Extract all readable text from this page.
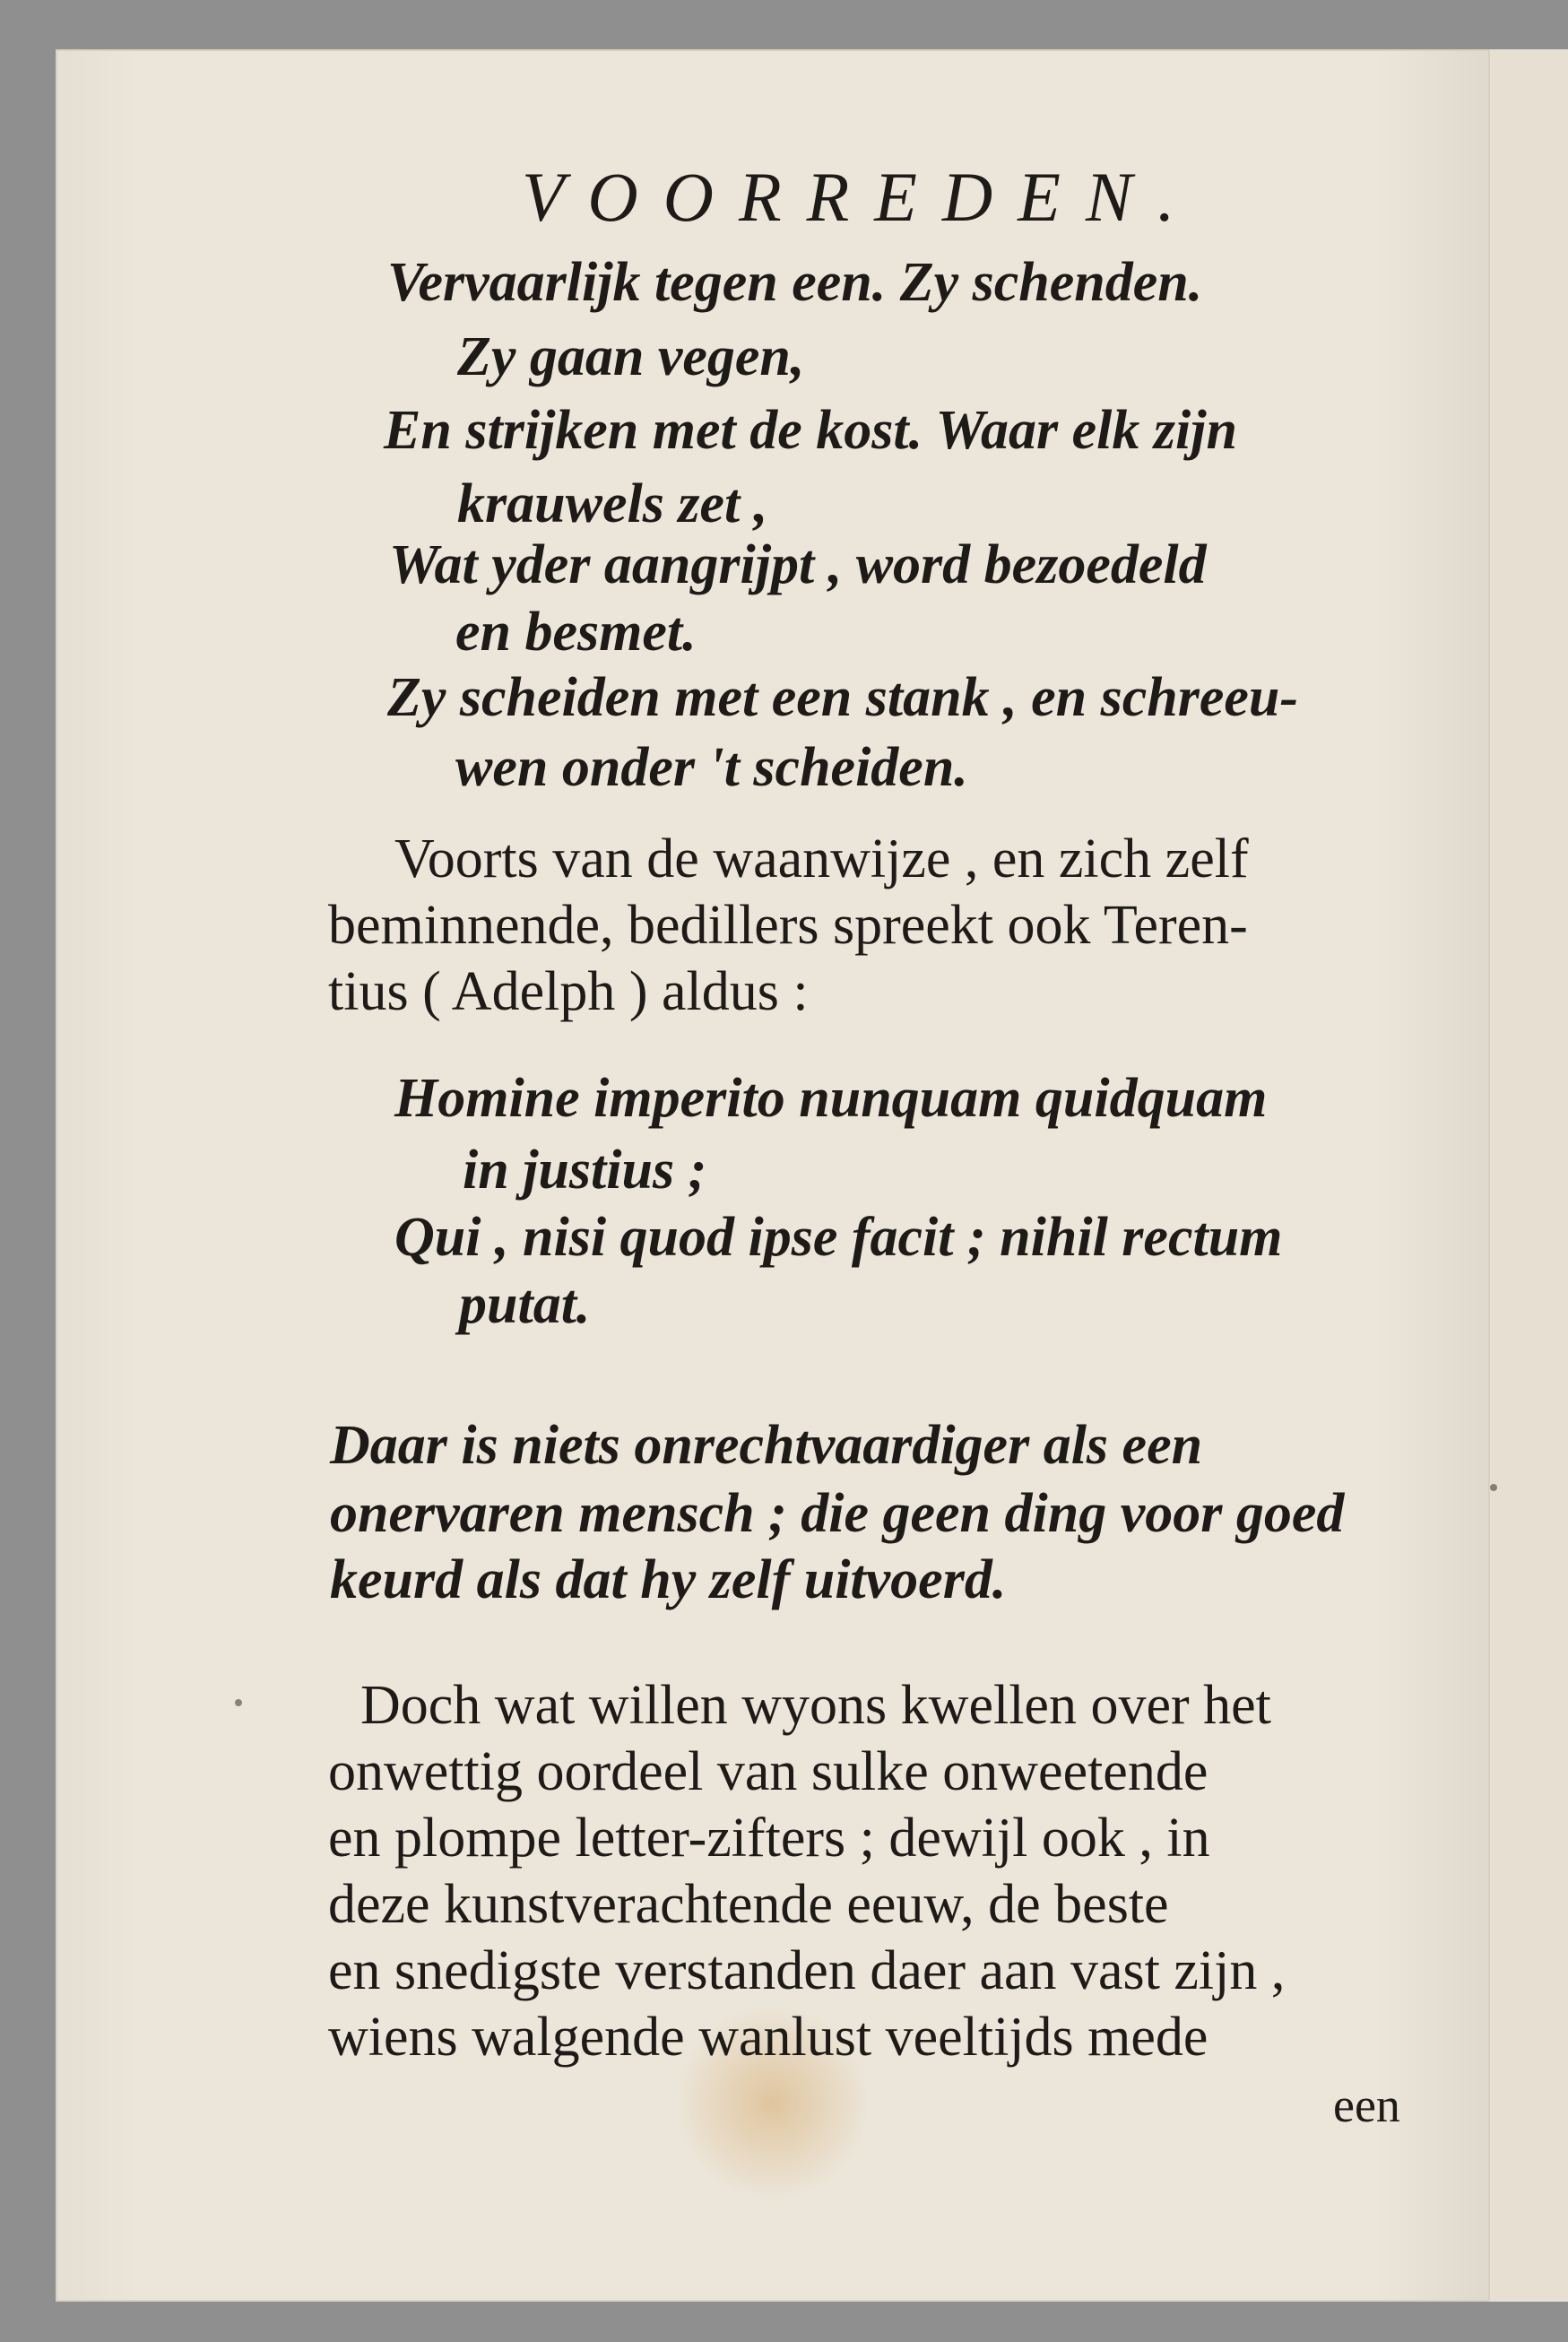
VOORREDEN.

Vervaarlijk tegen een. Zy schenden.

Zy gaan vegen,

En strijken met de kost. Waar elk zijn

krauwels zet ,

Wat yder aangrijpt , word bezoedeld

en besmet.

Zy scheiden met een stank , en schreeu-

wen onder 't scheiden.

Voorts van de waanwijze , en zich zelf

beminnende, bedillers spreekt ook Teren-

tius ( Adelph ) aldus :

Homine imperito nunquam quidquam

in justius ;

Qui , nisi quod ipse facit ; nihil rectum

putat.

Daar is niets onrechtvaardiger als een

onervaren mensch ; die geen ding voor goed

keurd als dat hy zelf uitvoerd.

Doch wat willen wyons kwellen over het

onwettig oordeel van sulke onweetende

en plompe letter-zifters ; dewijl ook , in

deze kunstverachtende eeuw, de beste

en snedigste verstanden daer aan vast zijn ,

wiens walgende wanlust veeltijds mede

een
